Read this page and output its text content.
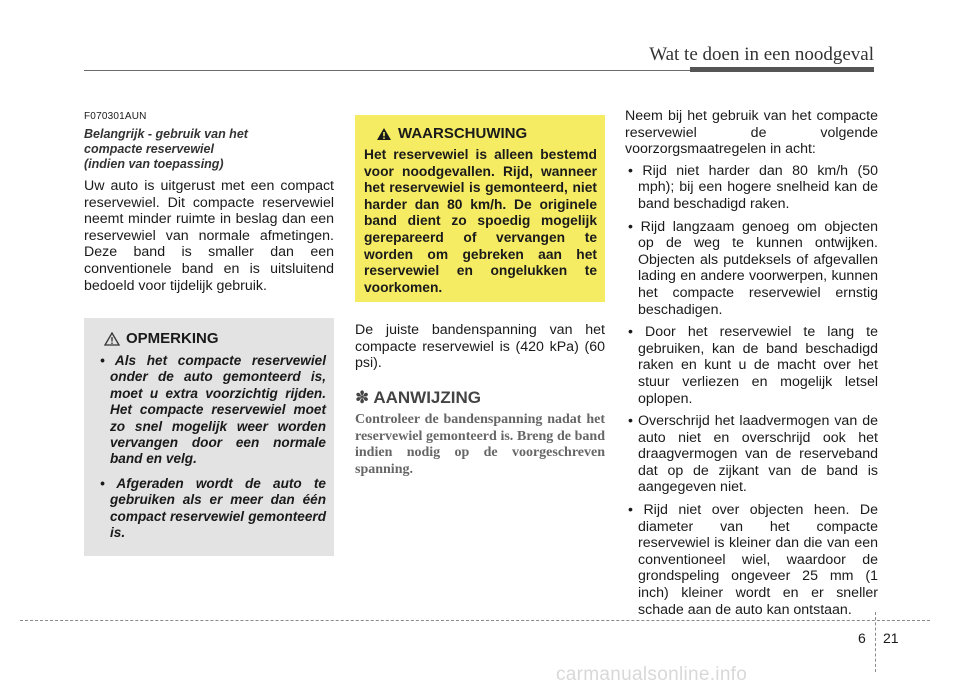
Wat te doen in een noodgeval
F070301AUN
Belangrijk - gebruik van het
compacte reservewiel
(indien van toepassing)

Uw auto is uitgerust met een compact reservewiel. Dit compacte reservewiel neemt minder ruimte in beslag dan een reservewiel van normale afmetingen. Deze band is smaller dan een conventionele band en is uitsluitend bedoeld voor tijdelijk gebruik.

OPMERKING
• Als het compacte reservewiel onder de auto gemonteerd is, moet u extra voorzichtig rijden. Het compacte reservewiel moet zo snel mogelijk weer worden vervangen door een normale band en velg.
• Afgeraden wordt de auto te gebruiken als er meer dan één compact reservewiel gemonteerd is.
WAARSCHUWING
Het reservewiel is alleen bestemd voor noodgevallen. Rijd, wanneer het reservewiel is gemonteerd, niet harder dan 80 km/h. De originele band dient zo spoedig mogelijk gerepareerd of vervangen te worden om gebreken aan het reservewiel en ongelukken te voorkomen.

De juiste bandenspanning van het compacte reservewiel is (420 kPa) (60 psi).

✽ AANWIJZING
Controleer de bandenspanning nadat het reservewiel gemonteerd is. Breng de band indien nodig op de voorgeschreven spanning.

Neem bij het gebruik van het compacte reservewiel de volgende voorzorgsmaatregelen in acht:

• Rijd niet harder dan 80 km/h (50 mph); bij een hogere snelheid kan de band beschadigd raken.
• Rijd langzaam genoeg om objecten op de weg te kunnen ontwijken. Objecten als putdeksels of afgevallen lading en andere voorwerpen, kunnen het compacte reservewiel ernstig beschadigen.
• Door het reservewiel te lang te gebruiken, kan de band beschadigd raken en kunt u de macht over het stuur verliezen en mogelijk letsel oplopen.
• Overschrijd het laadvermogen van de auto niet en overschrijd ook het draagvermogen van de reserveband dat op de zijkant van de band is aangegeven niet.
• Rijd niet over objecten heen. De diameter van het compacte reservewiel is kleiner dan die van een conventioneel wiel, waardoor de grondspeling ongeveer 25 mm (1 inch) kleiner wordt en er sneller schade aan de auto kan ontstaan.
6 21
carmanualsonline.info
